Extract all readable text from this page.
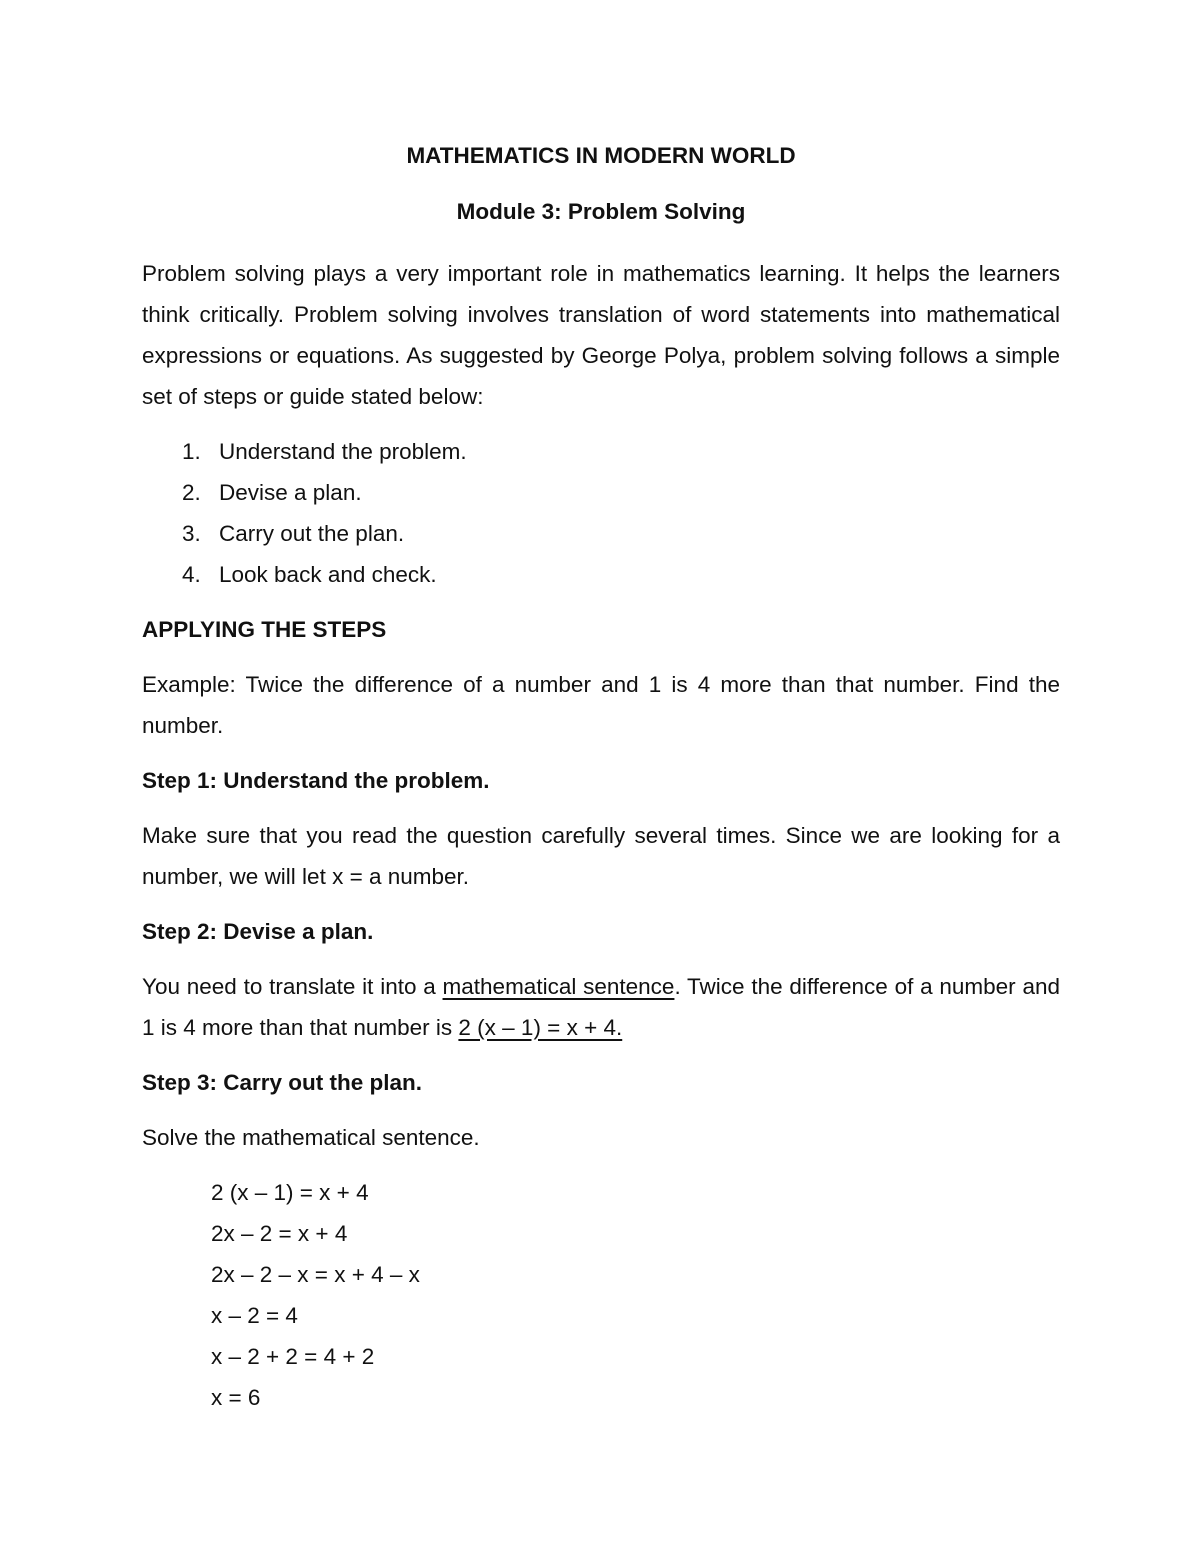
MATHEMATICS IN MODERN WORLD

Module 3: Problem Solving

Problem solving plays a very important role in mathematics learning. It helps the learners think critically. Problem solving involves translation of word statements into mathematical expressions or equations. As suggested by George Polya, problem solving follows a simple set of steps or guide stated below:

1. Understand the problem.
2. Devise a plan.
3. Carry out the plan.
4. Look back and check.

APPLYING THE STEPS

Example: Twice the difference of a number and 1 is 4 more than that number. Find the number.

Step 1: Understand the problem.

Make sure that you read the question carefully several times. Since we are looking for a number, we will let x = a number.

Step 2: Devise a plan.

You need to translate it into a mathematical sentence. Twice the difference of a number and 1 is 4 more than that number is 2 (x – 1) = x + 4.

Step 3: Carry out the plan.

Solve the mathematical sentence.

2 (x – 1) = x + 4
2x – 2 = x + 4
2x – 2 – x = x + 4 – x
x – 2 = 4
x – 2 + 2 = 4 + 2
x = 6
